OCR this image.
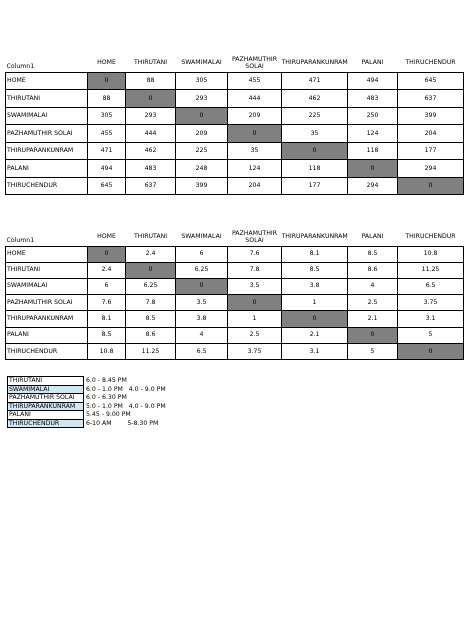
Column1	HOME	THIRUTANI	SWAMIMALAI	PAZHAMUTHIR SOLAI	THIRUPARANKUNRAM	PALANI	THIRUCHENDUR
HOME	0	88	305	455	471	494	645
THIRUTANI	88	0	293	444	462	483	637
SWAMIMALAI	305	293	0	209	225	250	399
PAZHAMUTHIR SOLAI	455	444	209	0	35	124	204
THIRUPARANKUNRAM	471	462	225	35	0	118	177
PALANI	494	483	248	124	118	0	294
THIRUCHENDUR	645	637	399	204	177	294	0
Column1	HOME	THIRUTANI	SWAMIMALAI	PAZHAMUTHIR SOLAI	THIRUPARANKUNRAM	PALANI	THIRUCHENDUR
HOME	0	2.4	6	7.6	8.1	8.5	10.8
THIRUTANI	2.4	0	6.25	7.8	8.5	8.6	11.25
SWAMIMALAI	6	6.25	0	3.5	3.8	4	6.5
PAZHAMUTHIR SOLAI	7.6	7.8	3.5	0	1	2.5	3.75
THIRUPARANKUNRAM	8.1	8.5	3.8	1	0	2.1	3.1
PALANI	8.5	8.6	4	2.5	2.1	0	5
THIRUCHENDUR	10.8	11.25	6.5	3.75	3.1	5	0
THIRUTANI	6.0 - 8.45 PM
SWAMIMALAI	6.0 - 1.0 PM   4.0 - 9.0 PM
PAZHAMUTHIR SOLAI	6.0 - 6.30 PM
THIRUPARANKUNRAM	5.0 - 1.0 PM   4.0 - 9.0 PM
PALANI	5.45 - 9.00 PM
THIRUCHENDUR	6-10 AM        5-8.30 PM
